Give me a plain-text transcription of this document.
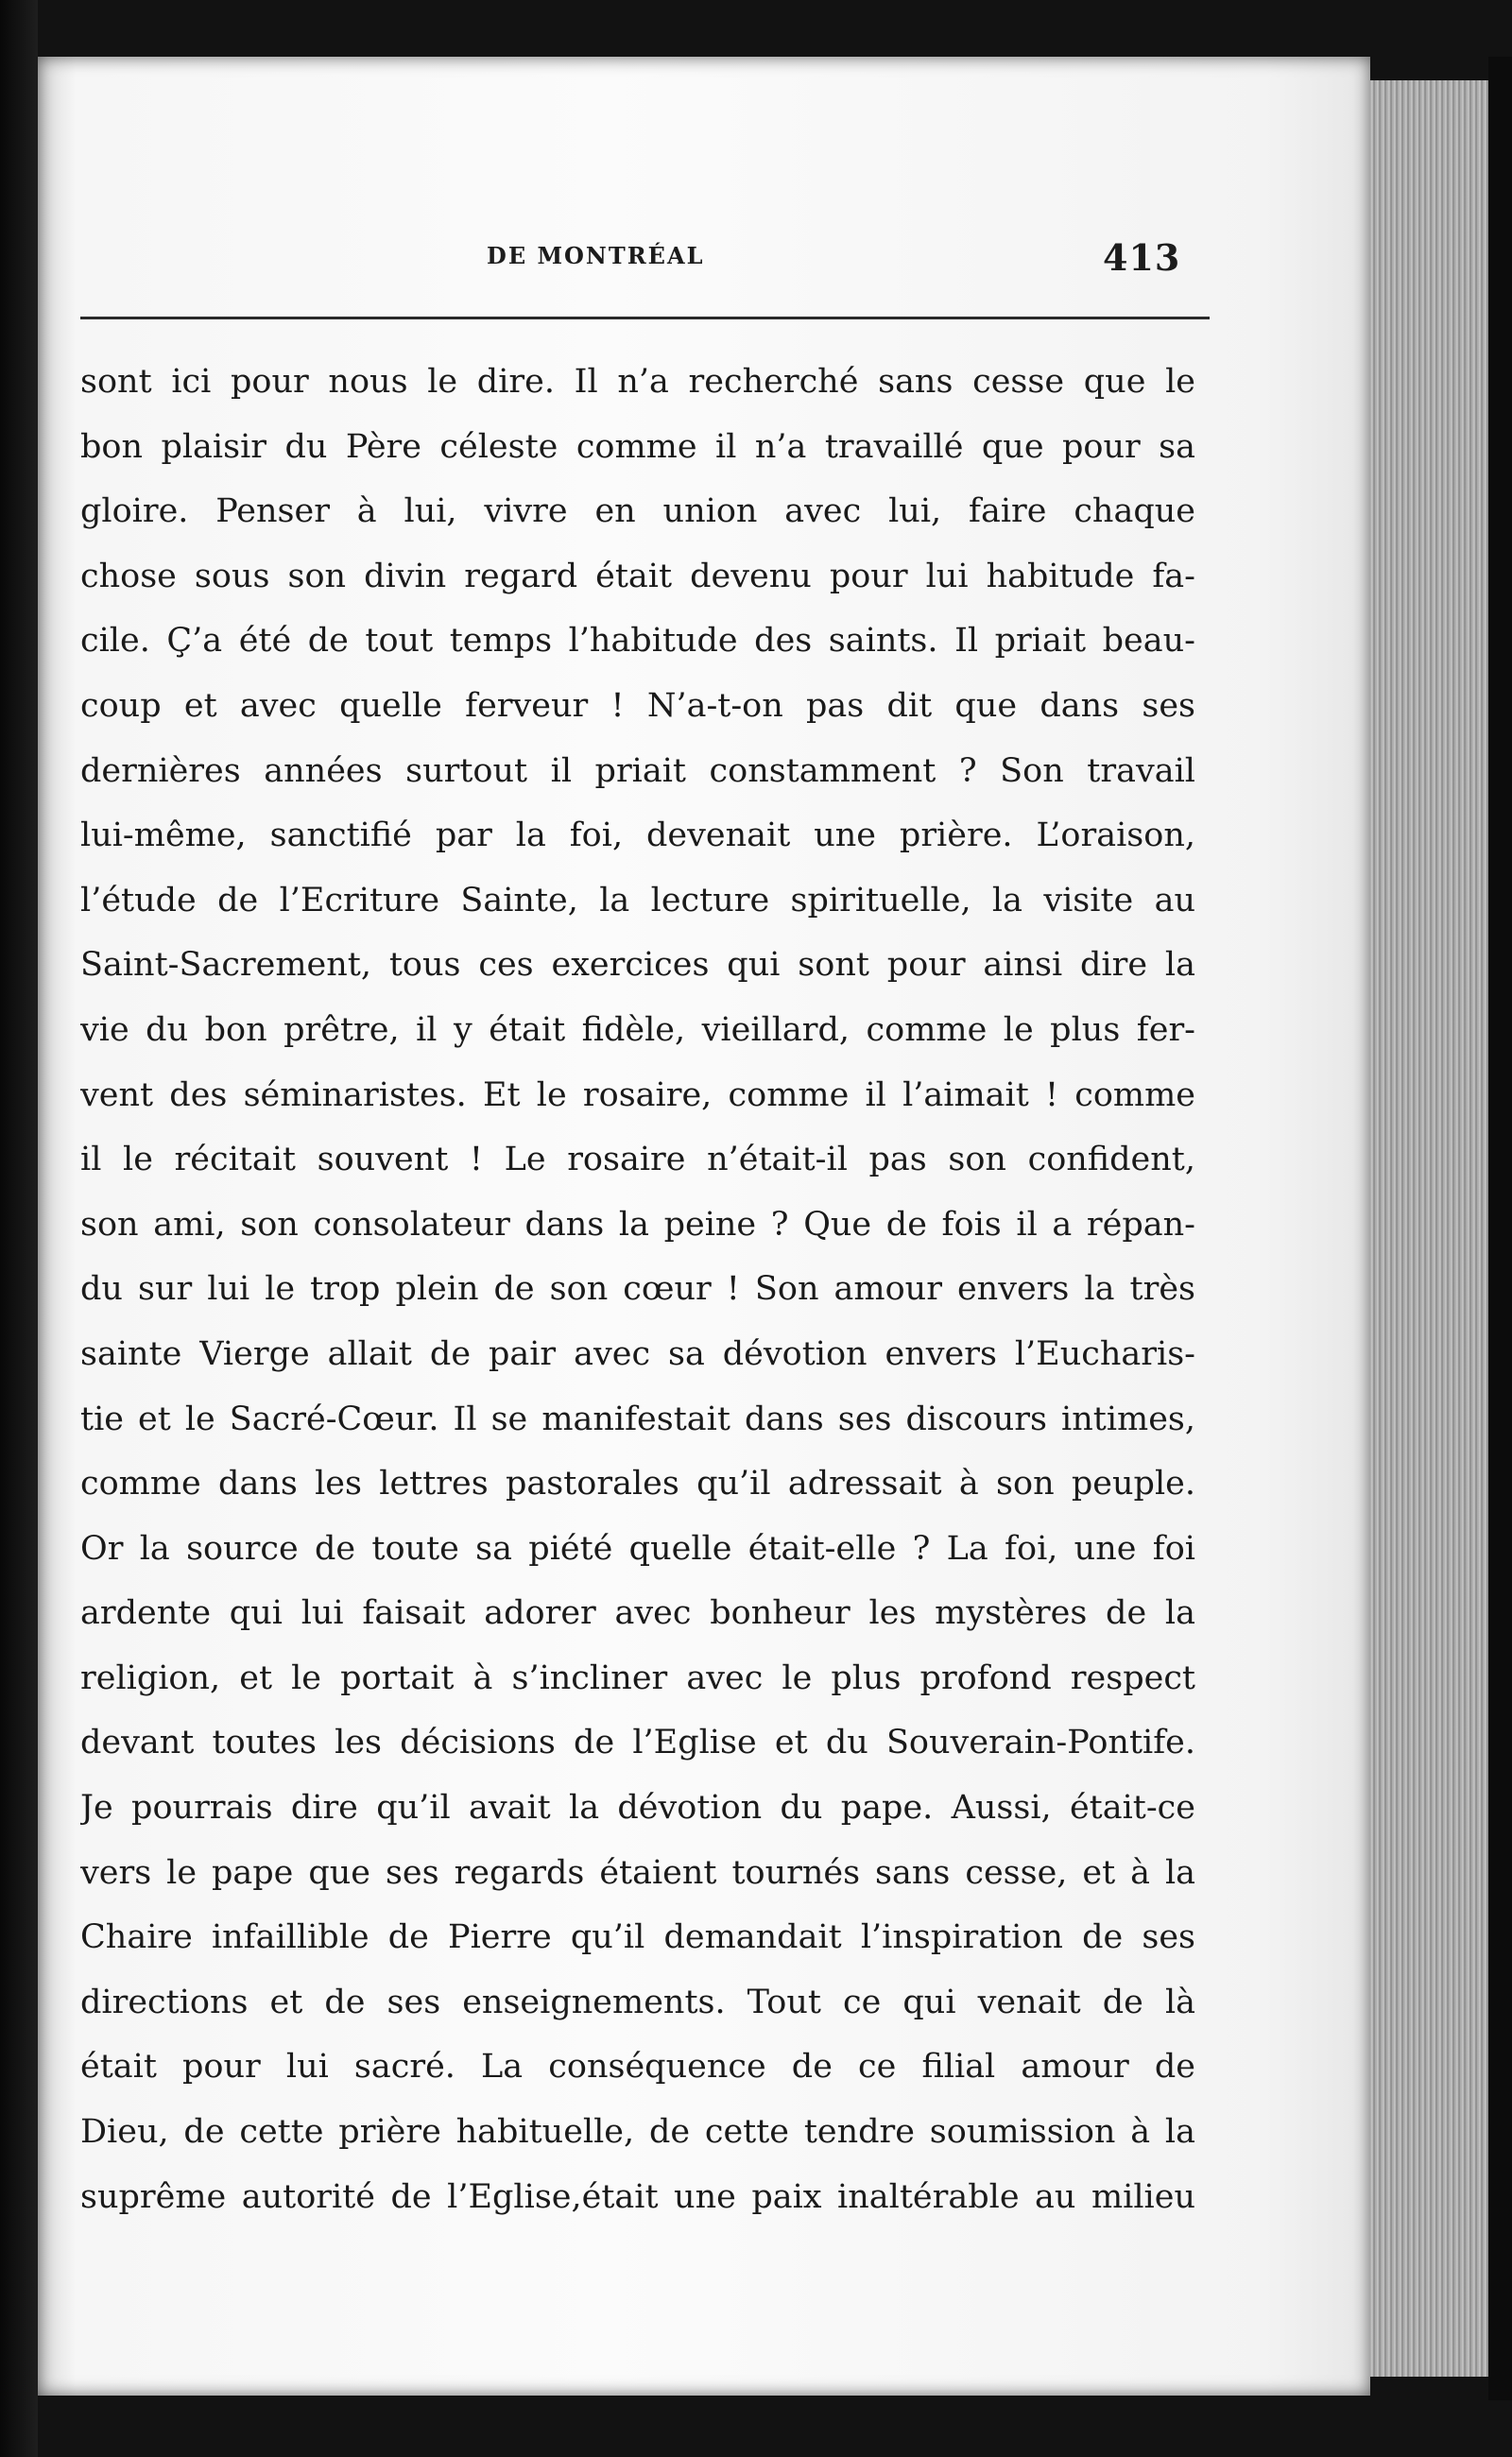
DE MONTRÉAL	413
sont ici pour nous le dire. Il n’a recherché sans cesse que le
bon plaisir du Père céleste comme il n’a travaillé que pour sa
gloire. Penser à lui, vivre en union avec lui, faire chaque
chose sous son divin regard était devenu pour lui habitude fa-
cile. Ç’a été de tout temps l’habitude des saints. Il priait beau-
coup et avec quelle ferveur ! N’a-t-on pas dit que dans ses
dernières années surtout il priait constamment ? Son travail
lui-même, sanctifié par la foi, devenait une prière. L’oraison,
l’étude de l’Ecriture Sainte, la lecture spirituelle, la visite au
Saint-Sacrement, tous ces exercices qui sont pour ainsi dire la
vie du bon prêtre, il y était fidèle, vieillard, comme le plus fer-
vent des séminaristes. Et le rosaire, comme il l’aimait ! comme
il le récitait souvent ! Le rosaire n’était-il pas son confident,
son ami, son consolateur dans la peine ? Que de fois il a répan-
du sur lui le trop plein de son cœur ! Son amour envers la très
sainte Vierge allait de pair avec sa dévotion envers l’Eucharis-
tie et le Sacré-Cœur. Il se manifestait dans ses discours intimes,
comme dans les lettres pastorales qu’il adressait à son peuple.
Or la source de toute sa piété quelle était-elle ? La foi, une foi
ardente qui lui faisait adorer avec bonheur les mystères de la
religion, et le portait à s’incliner avec le plus profond respect
devant toutes les décisions de l’Eglise et du Souverain-Pontife.
Je pourrais dire qu’il avait la dévotion du pape. Aussi, était-ce
vers le pape que ses regards étaient tournés sans cesse, et à la
Chaire infaillible de Pierre qu’il demandait l’inspiration de ses
directions et de ses enseignements. Tout ce qui venait de là
était pour lui sacré. La conséquence de ce filial amour de
Dieu, de cette prière habituelle, de cette tendre soumission à la
suprême autorité de l’Eglise,était une paix inaltérable au milieu
